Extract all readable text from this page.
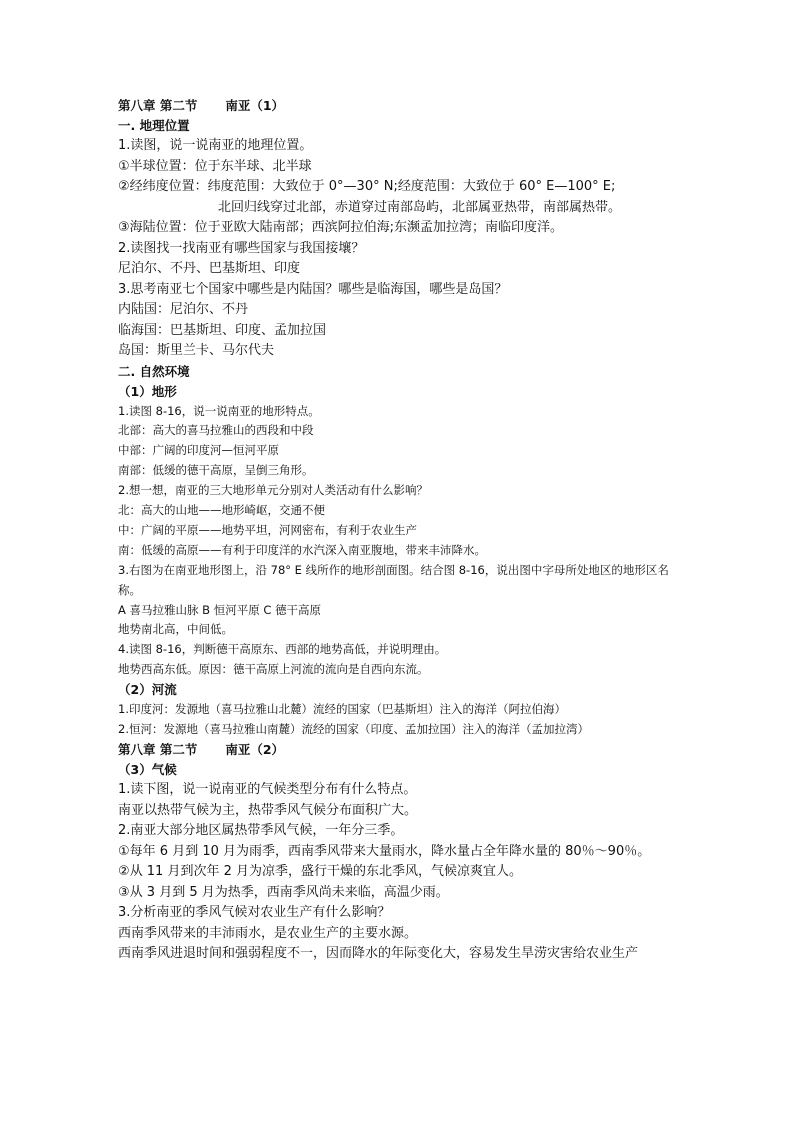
第八章 第二节 南亚（1）

一. 地理位置

1.读图，说一说南亚的地理位置。

①半球位置：位于东半球、北半球

②经纬度位置：纬度范围：大致位于 0°—30° N;经度范围：大致位于 60° E—100° E;

北回归线穿过北部，赤道穿过南部岛屿，北部属亚热带，南部属热带。

③海陆位置：位于亚欧大陆南部；西滨阿拉伯海;东濒孟加拉湾；南临印度洋。

2.读图找一找南亚有哪些国家与我国接壤？

尼泊尔、不丹、巴基斯坦、印度

3.思考南亚七个国家中哪些是内陆国？哪些是临海国，哪些是岛国？

内陆国：尼泊尔、不丹

临海国：巴基斯坦、印度、孟加拉国

岛国：斯里兰卡、马尔代夫

二. 自然环境

（1）地形

1.读图 8-16，说一说南亚的地形特点。

北部：高大的喜马拉雅山的西段和中段

中部：广阔的印度河—恒河平原

南部：低缓的德干高原，呈倒三角形。

2.想一想，南亚的三大地形单元分别对人类活动有什么影响？

北：高大的山地——地形崎岖，交通不便

中：广阔的平原——地势平坦，河网密布，有利于农业生产

南：低缓的高原——有利于印度洋的水汽深入南亚腹地，带来丰沛降水。

3.右图为在南亚地形图上，沿 78° E 线所作的地形剖面图。结合图 8-16，说出图中字母所处地区的地形区名称。

A 喜马拉雅山脉 B 恒河平原 C 德干高原

地势南北高，中间低。

4.读图 8-16，判断德干高原东、西部的地势高低，并说明理由。

地势西高东低。原因：德干高原上河流的流向是自西向东流。

（2）河流

1.印度河：发源地（喜马拉雅山北麓）流经的国家（巴基斯坦）注入的海洋（阿拉伯海）

2.恒河：发源地（喜马拉雅山南麓）流经的国家（印度、孟加拉国）注入的海洋（孟加拉湾）

第八章 第二节 南亚（2）

（3）气候

1.读下图，说一说南亚的气候类型分布有什么特点。

南亚以热带气候为主，热带季风气候分布面积广大。

2.南亚大部分地区属热带季风气候，一年分三季。

①每年 6 月到 10 月为雨季，西南季风带来大量雨水，降水量占全年降水量的 80％～90％。

②从 11 月到次年 2 月为凉季，盛行干燥的东北季风，气候凉爽宜人。

③从 3 月到 5 月为热季，西南季风尚未来临，高温少雨。

3.分析南亚的季风气候对农业生产有什么影响？

西南季风带来的丰沛雨水，是农业生产的主要水源。

西南季风进退时间和强弱程度不一，因而降水的年际变化大，容易发生旱涝灾害给农业生产
